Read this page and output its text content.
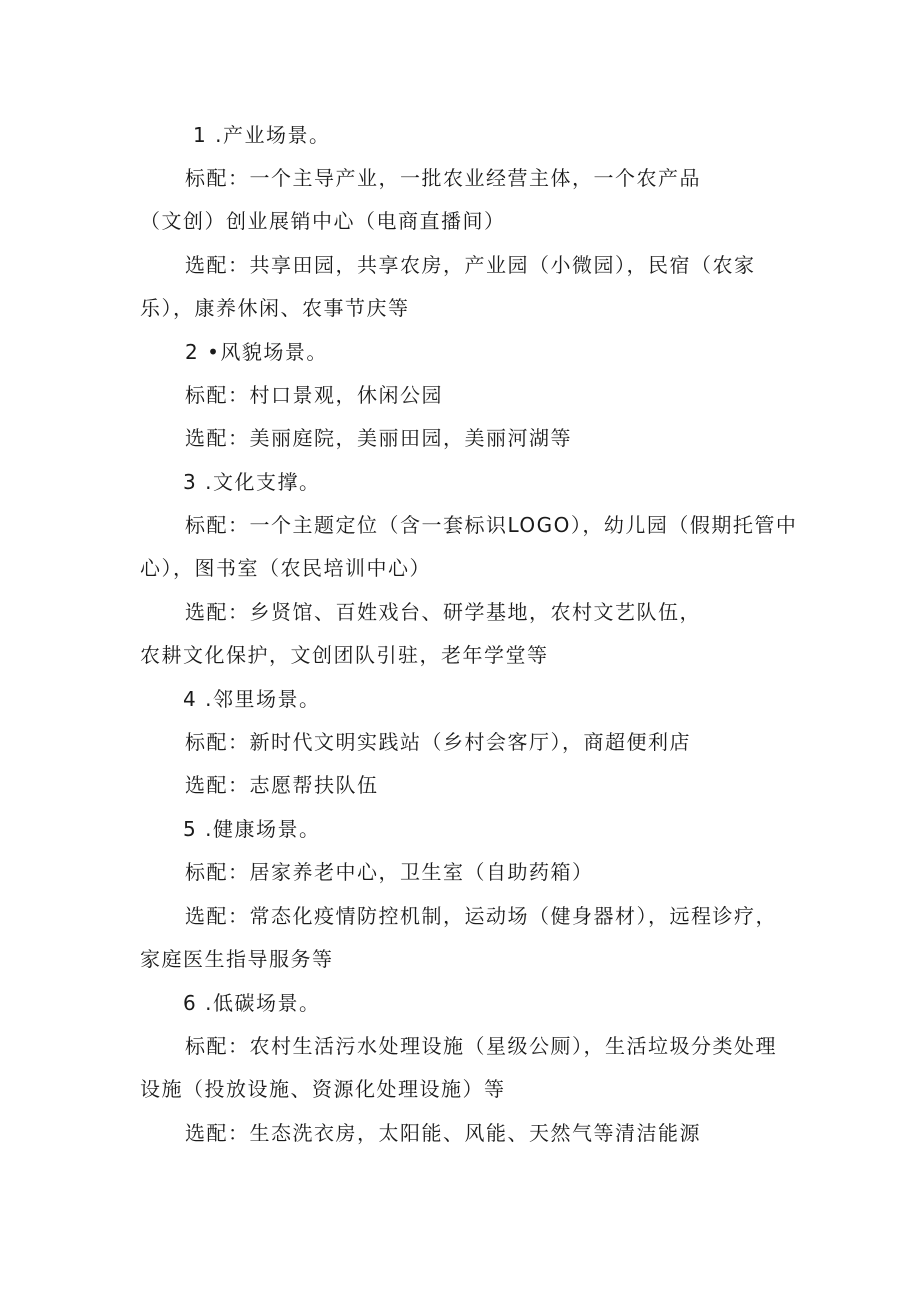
1 .产业场景。
标配：一个主导产业，一批农业经营主体，一个农产品
（文创）创业展销中心（电商直播间）
选配：共享田园，共享农房，产业园（小微园），民宿（农家
乐），康养休闲、农事节庆等
2 •风貌场景。
标配：村口景观，休闲公园
选配：美丽庭院，美丽田园，美丽河湖等
3 .文化支撑。
标配：一个主题定位（含一套标识LOGO），幼儿园（假期托管中
心），图书室（农民培训中心）
选配：乡贤馆、百姓戏台、研学基地，农村文艺队伍，
农耕文化保护，文创团队引驻，老年学堂等
4 .邻里场景。
标配：新时代文明实践站（乡村会客厅），商超便利店
选配：志愿帮扶队伍
5 .健康场景。
标配：居家养老中心，卫生室（自助药箱）
选配：常态化疫情防控机制，运动场（健身器材），远程诊疗，
家庭医生指导服务等
6 .低碳场景。
标配：农村生活污水处理设施（星级公厕），生活垃圾分类处理
设施（投放设施、资源化处理设施）等
选配：生态洗衣房，太阳能、风能、天然气等清洁能源
